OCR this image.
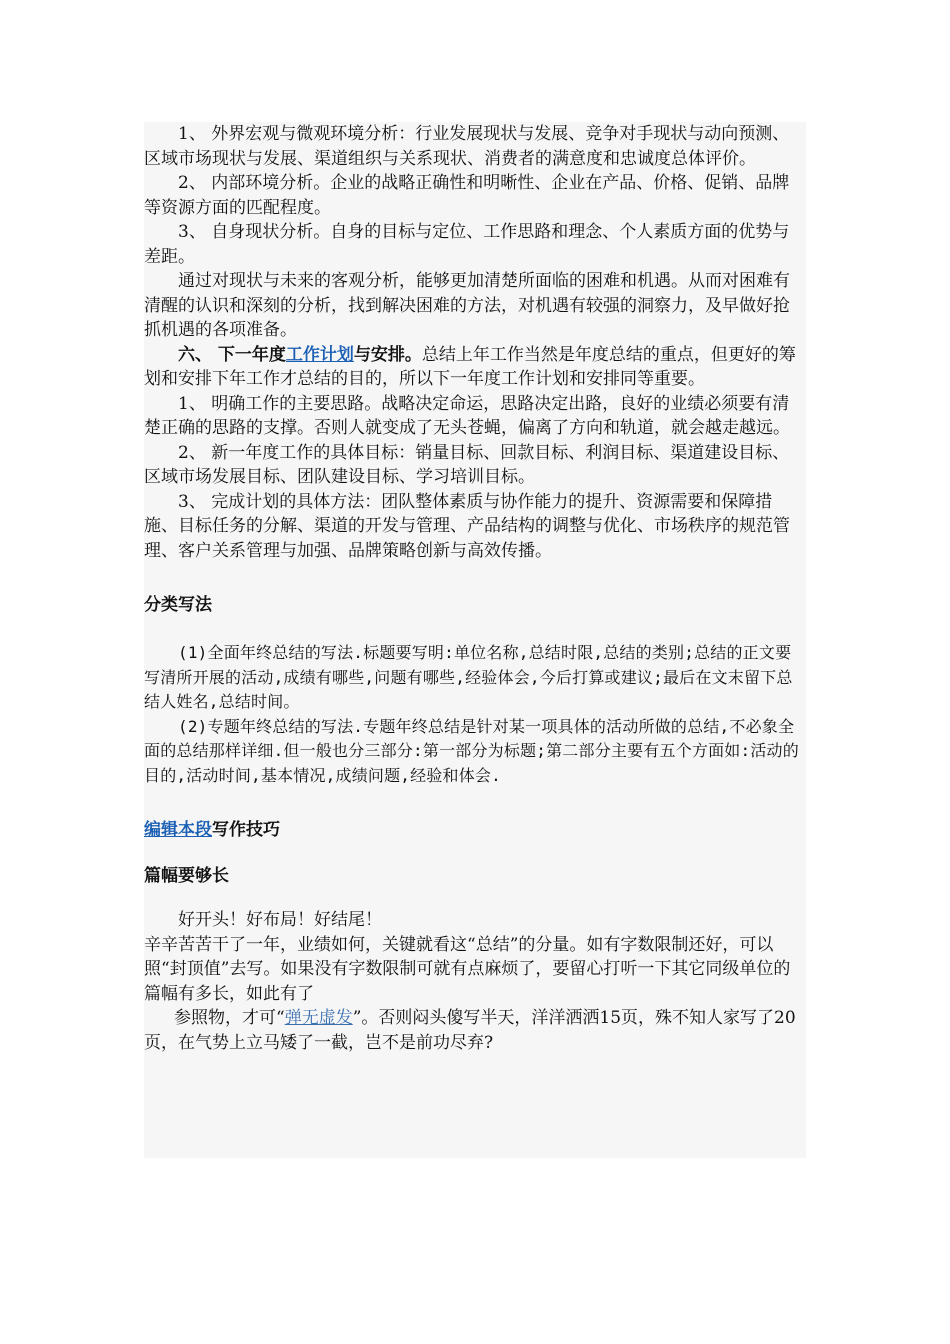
1、 外界宏观与微观环境分析：行业发展现状与发展、竞争对手现状与动向预测、区域市场现状与发展、渠道组织与关系现状、消费者的满意度和忠诚度总体评价。

2、 内部环境分析。企业的战略正确性和明晰性、企业在产品、价格、促销、品牌等资源方面的匹配程度。

3、 自身现状分析。自身的目标与定位、工作思路和理念、个人素质方面的优势与差距。

通过对现状与未来的客观分析，能够更加清楚所面临的困难和机遇。从而对困难有清醒的认识和深刻的分析，找到解决困难的方法，对机遇有较强的洞察力，及早做好抢抓机遇的各项准备。

六、 下一年度工作计划与安排。总结上年工作当然是年度总结的重点，但更好的筹划和安排下年工作才总结的目的，所以下一年度工作计划和安排同等重要。

1、 明确工作的主要思路。战略决定命运，思路决定出路，良好的业绩必须要有清楚正确的思路的支撑。否则人就变成了无头苍蝇，偏离了方向和轨道，就会越走越远。

2、 新一年度工作的具体目标：销量目标、回款目标、利润目标、渠道建设目标、区域市场发展目标、团队建设目标、学习培训目标。

3、 完成计划的具体方法：团队整体素质与协作能力的提升、资源需要和保障措施、目标任务的分解、渠道的开发与管理、产品结构的调整与优化、市场秩序的规范管理、客户关系管理与加强、品牌策略创新与高效传播。

分类写法

(1)全面年终总结的写法.标题要写明:单位名称,总结时限,总结的类别;总结的正文要写清所开展的活动,成绩有哪些,问题有哪些,经验体会,今后打算或建议;最后在文末留下总结人姓名,总结时间。

(2)专题年终总结的写法.专题年终总结是针对某一项具体的活动所做的总结,不必象全面的总结那样详细.但一般也分三部分:第一部分为标题;第二部分主要有五个方面如:活动的目的,活动时间,基本情况,成绩问题,经验和体会.

编辑本段写作技巧

篇幅要够长

好开头！好布局！好结尾！

辛辛苦苦干了一年，业绩如何，关键就看这“总结”的分量。如有字数限制还好，可以照“封顶值”去写。如果没有字数限制可就有点麻烦了，要留心打听一下其它同级单位的篇幅有多长，如此有了

参照物，才可“弹无虚发”。否则闷头傻写半天，洋洋洒洒15页，殊不知人家写了20页，在气势上立马矮了一截，岂不是前功尽弃?
